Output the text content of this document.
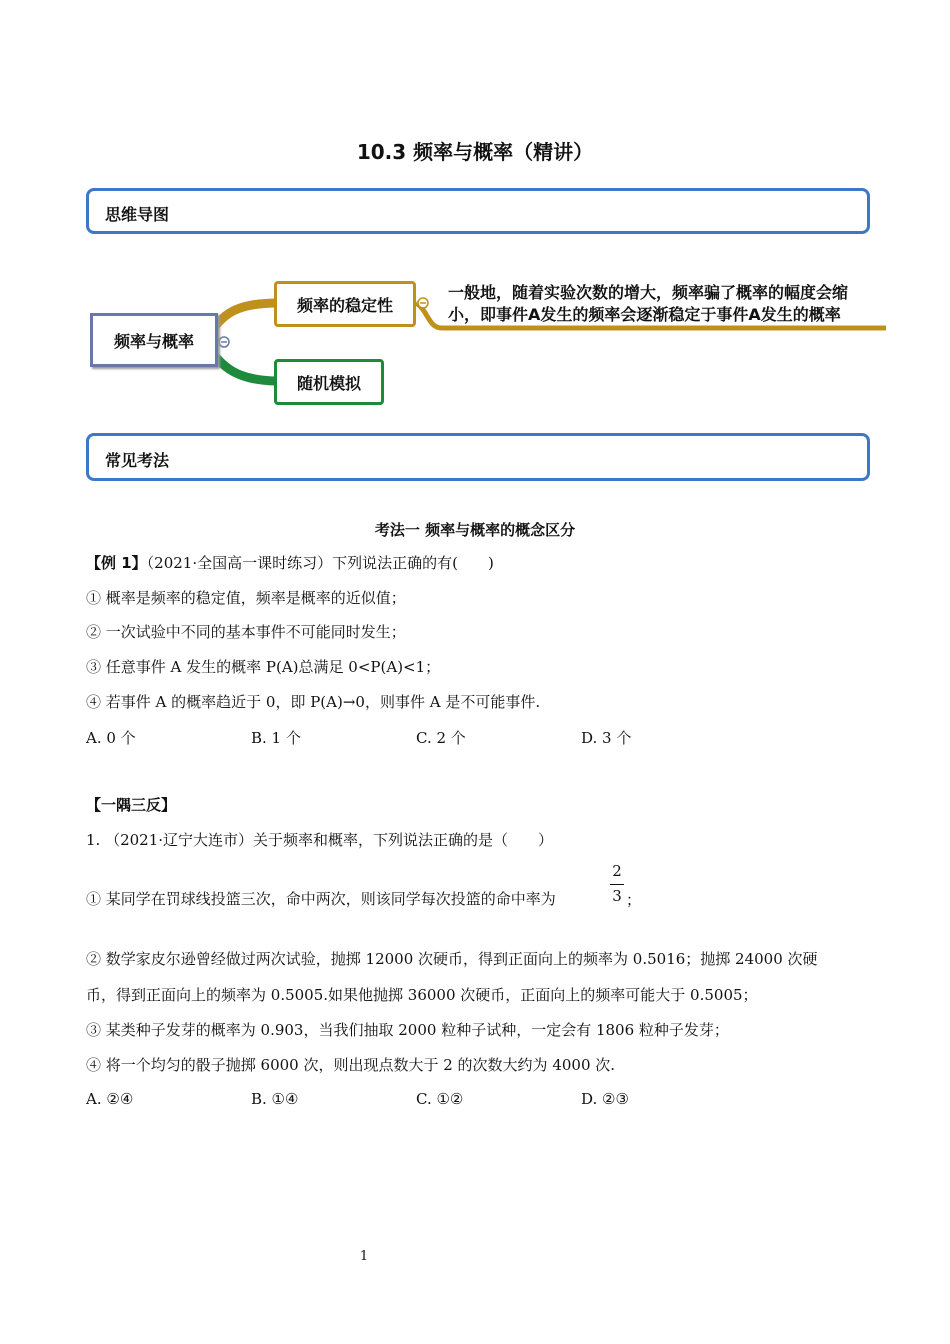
10.3 频率与概率（精讲）
思维导图
频率与概率
频率的稳定性
随机模拟
一般地，随着实验次数的增大，频率骗了概率的幅度会缩
小，即事件A发生的频率会逐渐稳定于事件A发生的概率
常见考法
考法一 频率与概率的概念区分
【例 1】（2021·全国高一课时练习）下列说法正确的有(　　)
① 概率是频率的稳定值，频率是概率的近似值；
② 一次试验中不同的基本事件不可能同时发生；
③ 任意事件 A 发生的概率 P(A)总满足 0<P(A)<1；
④ 若事件 A 的概率趋近于 0，即 P(A)→0，则事件 A 是不可能事件.
A. 0 个	B. 1 个	C. 2 个	D. 3 个
【一隅三反】
1. （2021·辽宁大连市）关于频率和概率，下列说法正确的是（　　）
① 某同学在罚球线投篮三次，命中两次，则该同学每次投篮的命中率为
2
3 ；
② 数学家皮尔逊曾经做过两次试验，抛掷 12000 次硬币，得到正面向上的频率为 0.5016；抛掷 24000 次硬
币，得到正面向上的频率为 0.5005.如果他抛掷 36000 次硬币，正面向上的频率可能大于 0.5005；
③ 某类种子发芽的概率为 0.903，当我们抽取 2000 粒种子试种，一定会有 1806 粒种子发芽；
④ 将一个均匀的骰子抛掷 6000 次，则出现点数大于 2 的次数大约为 4000 次.
A. ②④	B. ①④	C. ①②	D. ②③
1
